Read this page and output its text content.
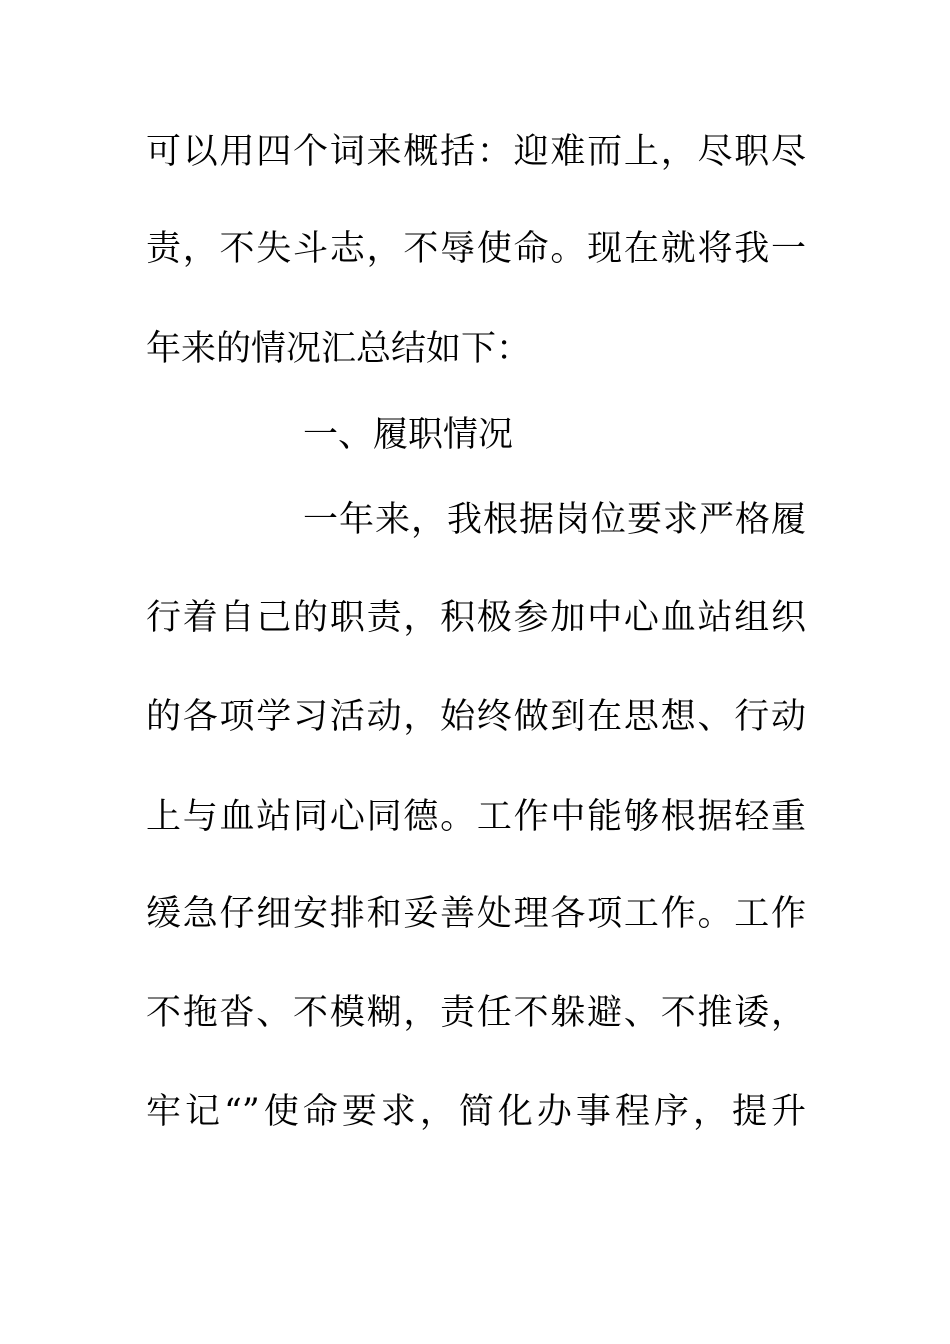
可以用四个词来概括：迎难而上，尽职尽
责，不失斗志，不辱使命。现在就将我一
年来的情况汇总结如下：
一、履职情况
一年来，我根据岗位要求严格履
行着自己的职责，积极参加中心血站组织
的各项学习活动，始终做到在思想、行动
上与血站同心同德。工作中能够根据轻重
缓急仔细安排和妥善处理各项工作。工作
不拖沓、不模糊，责任不躲避、不推诿，
牢记“”使命要求，简化办事程序，提升
